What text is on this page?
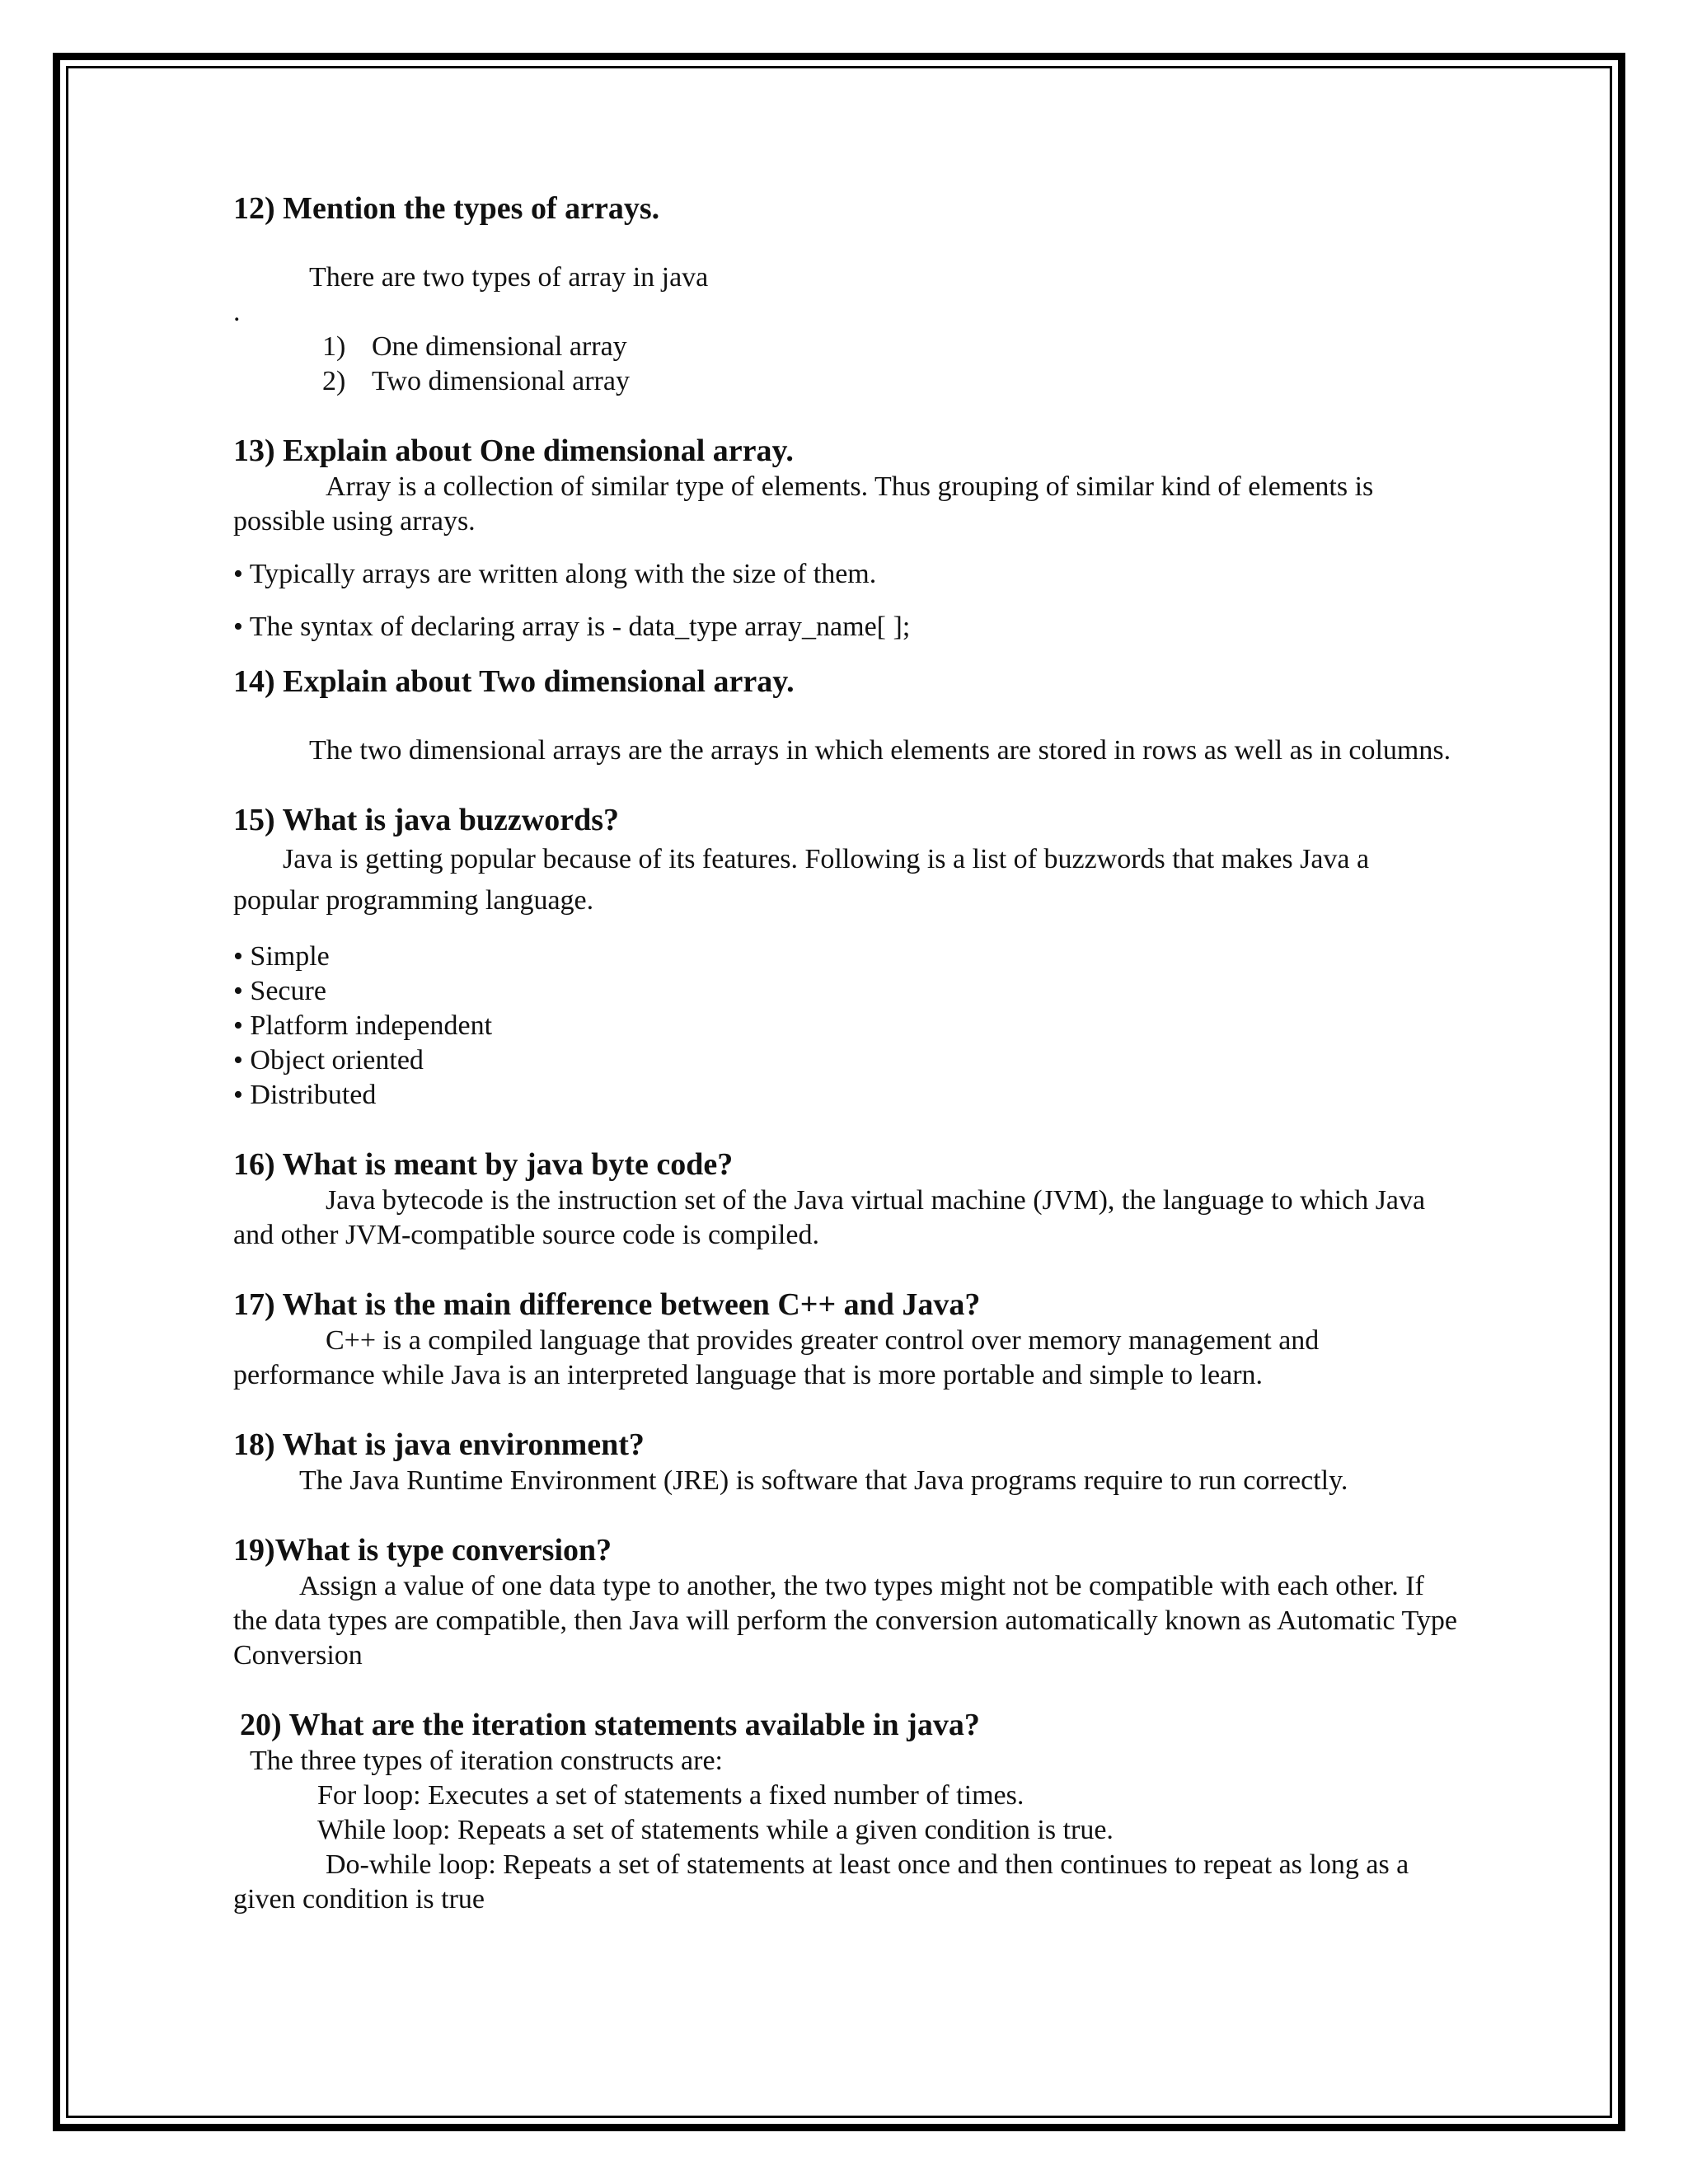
12) Mention the types of arrays.

There are two types of array in java

.

1) One dimensional array
2) Two dimensional array

13) Explain about One dimensional array.

Array is a collection of similar type of elements. Thus grouping of similar kind of elements is possible using arrays.

• Typically arrays are written along with the size of them.

• The syntax of declaring array is - data_type array_name[ ];

14) Explain about Two dimensional array.

The two dimensional arrays are the arrays in which elements are stored in rows as well as in columns.

15) What is java buzzwords?

Java is getting popular because of its features. Following is a list of buzzwords that makes Java a popular programming language.

• Simple
• Secure
• Platform independent
• Object oriented
• Distributed

16) What is meant by java byte code?

Java bytecode is the instruction set of the Java virtual machine (JVM), the language to which Java and other JVM-compatible source code is compiled.

17) What is the main difference between C++ and Java?

C++ is a compiled language that provides greater control over memory management and performance while Java is an interpreted language that is more portable and simple to learn.

18) What is java environment?

The Java Runtime Environment (JRE) is software that Java programs require to run correctly.

19)What is type conversion?

Assign a value of one data type to another, the two types might not be compatible with each other. If the data types are compatible, then Java will perform the conversion automatically known as Automatic Type Conversion

20) What are the iteration statements available in java?

The three types of iteration constructs are:

For loop: Executes a set of statements a fixed number of times.

While loop: Repeats a set of statements while a given condition is true.

Do-while loop: Repeats a set of statements at least once and then continues to repeat as long as a given condition is true
